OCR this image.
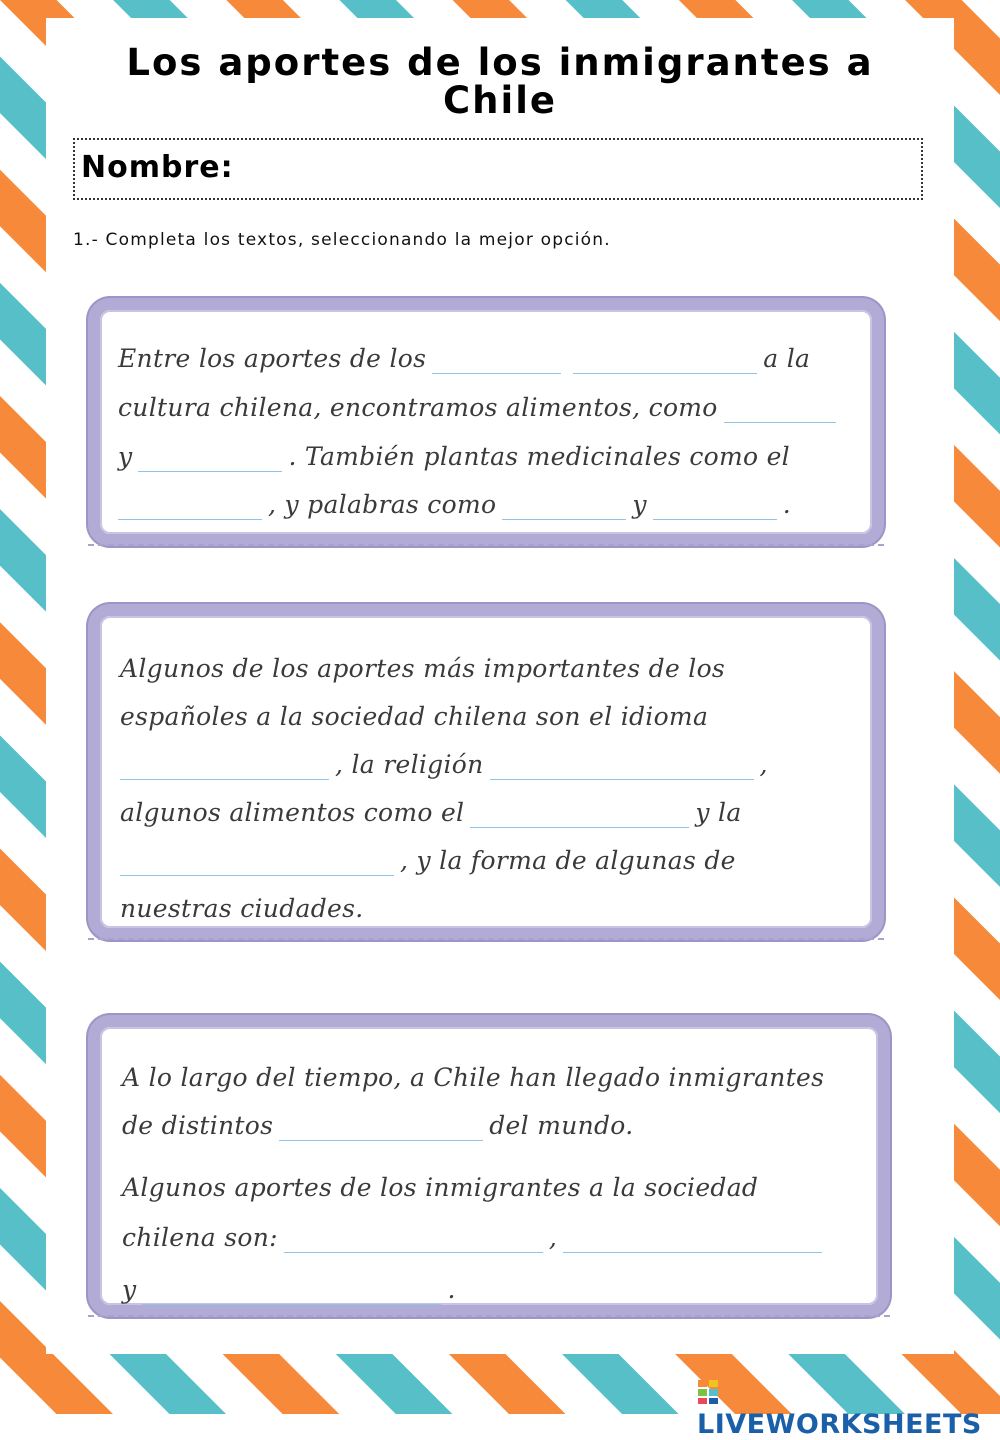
Los aportes de los inmigrantes a Chile
Nombre:
1.- Completa los textos, seleccionando la mejor opción.
Entre los aportes de los	a la
cultura chilena, encontramos alimentos, como
y	. También plantas medicinales como el
, y palabras como	y	.
Algunos de los aportes más importantes de los
españoles a la sociedad chilena son el idioma
, la religión	,
algunos alimentos como el	y la
, y la forma de algunas de
nuestras ciudades.
A lo largo del tiempo, a Chile han llegado inmigrantes
de distintos	del mundo.
Algunos aportes de los inmigrantes a la sociedad
chilena son:	,
y	.
LIVEWORKSHEETS
